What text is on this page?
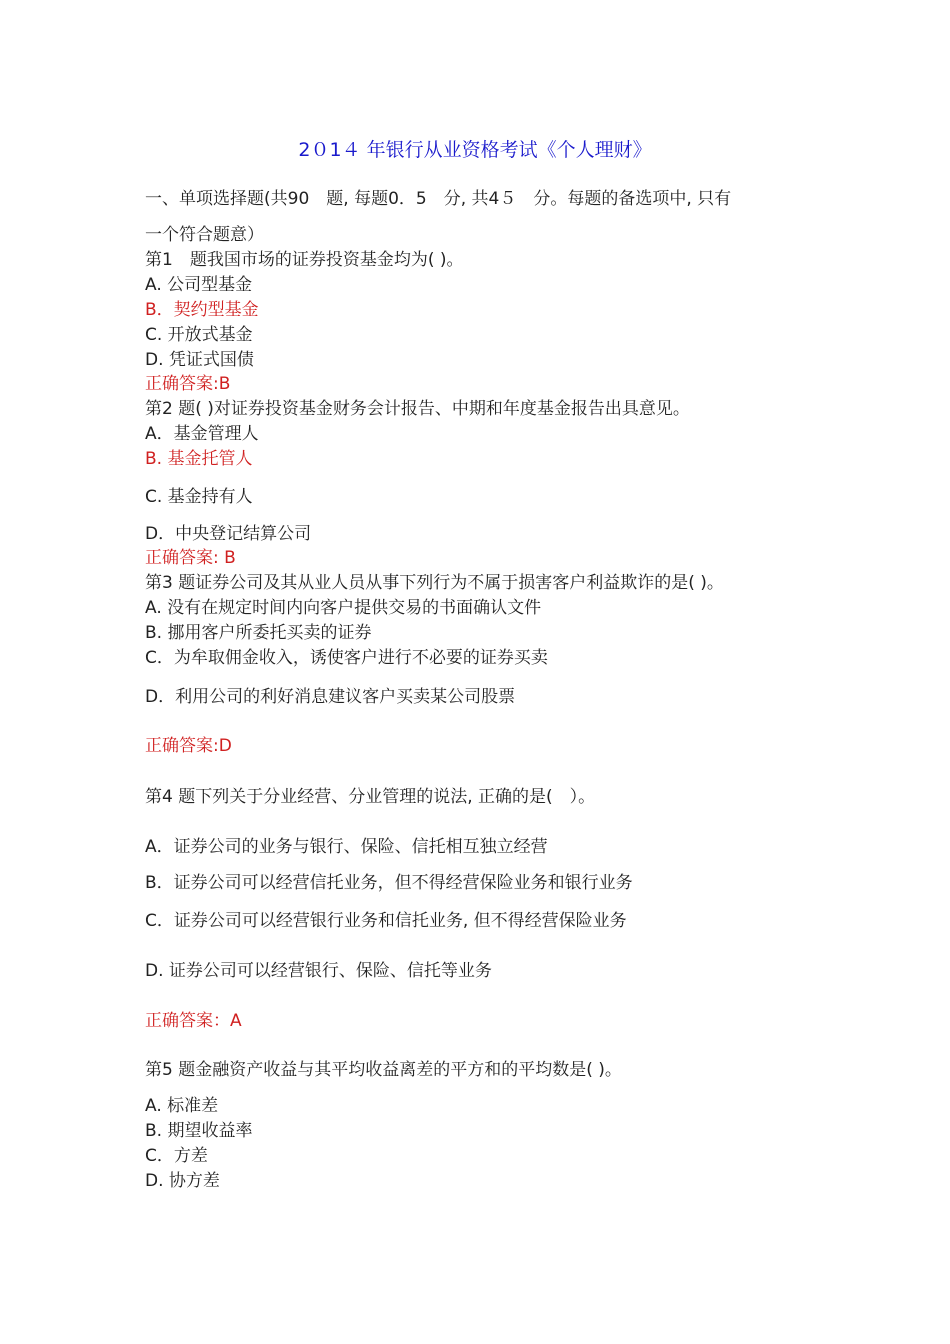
2０1４ 年银行从业资格考试《个人理财》
一、单项选择题(共90　题, 每题0．5　分, 共4５　分。每题的备选项中, 只有
一个符合题意）
第1　题我国市场的证券投资基金均为( )。
A. 公司型基金
B．契约型基金
C. 开放式基金
D. 凭证式国债
正确答案:B
第2 题( )对证券投资基金财务会计报告、中期和年度基金报告出具意见。
A．基金管理人
B. 基金托管人
C. 基金持有人
D．中央登记结算公司
正确答案: B
第3 题证券公司及其从业人员从事下列行为不属于损害客户利益欺诈的是( )。
A. 没有在规定时间内向客户提供交易的书面确认文件
B. 挪用客户所委托买卖的证券
C．为牟取佣金收入，诱使客户进行不必要的证券买卖
D．利用公司的利好消息建议客户买卖某公司股票
正确答案:D
第4 题下列关于分业经营、分业管理的说法, 正确的是(　）。
A．证券公司的业务与银行、保险、信托相互独立经营
B．证券公司可以经营信托业务，但不得经营保险业务和银行业务
C．证券公司可以经营银行业务和信托业务, 但不得经营保险业务
D. 证券公司可以经营银行、保险、信托等业务
正确答案：A
第5 题金融资产收益与其平均收益离差的平方和的平均数是( )。
A. 标准差
B. 期望收益率
C．方差
D. 协方差
